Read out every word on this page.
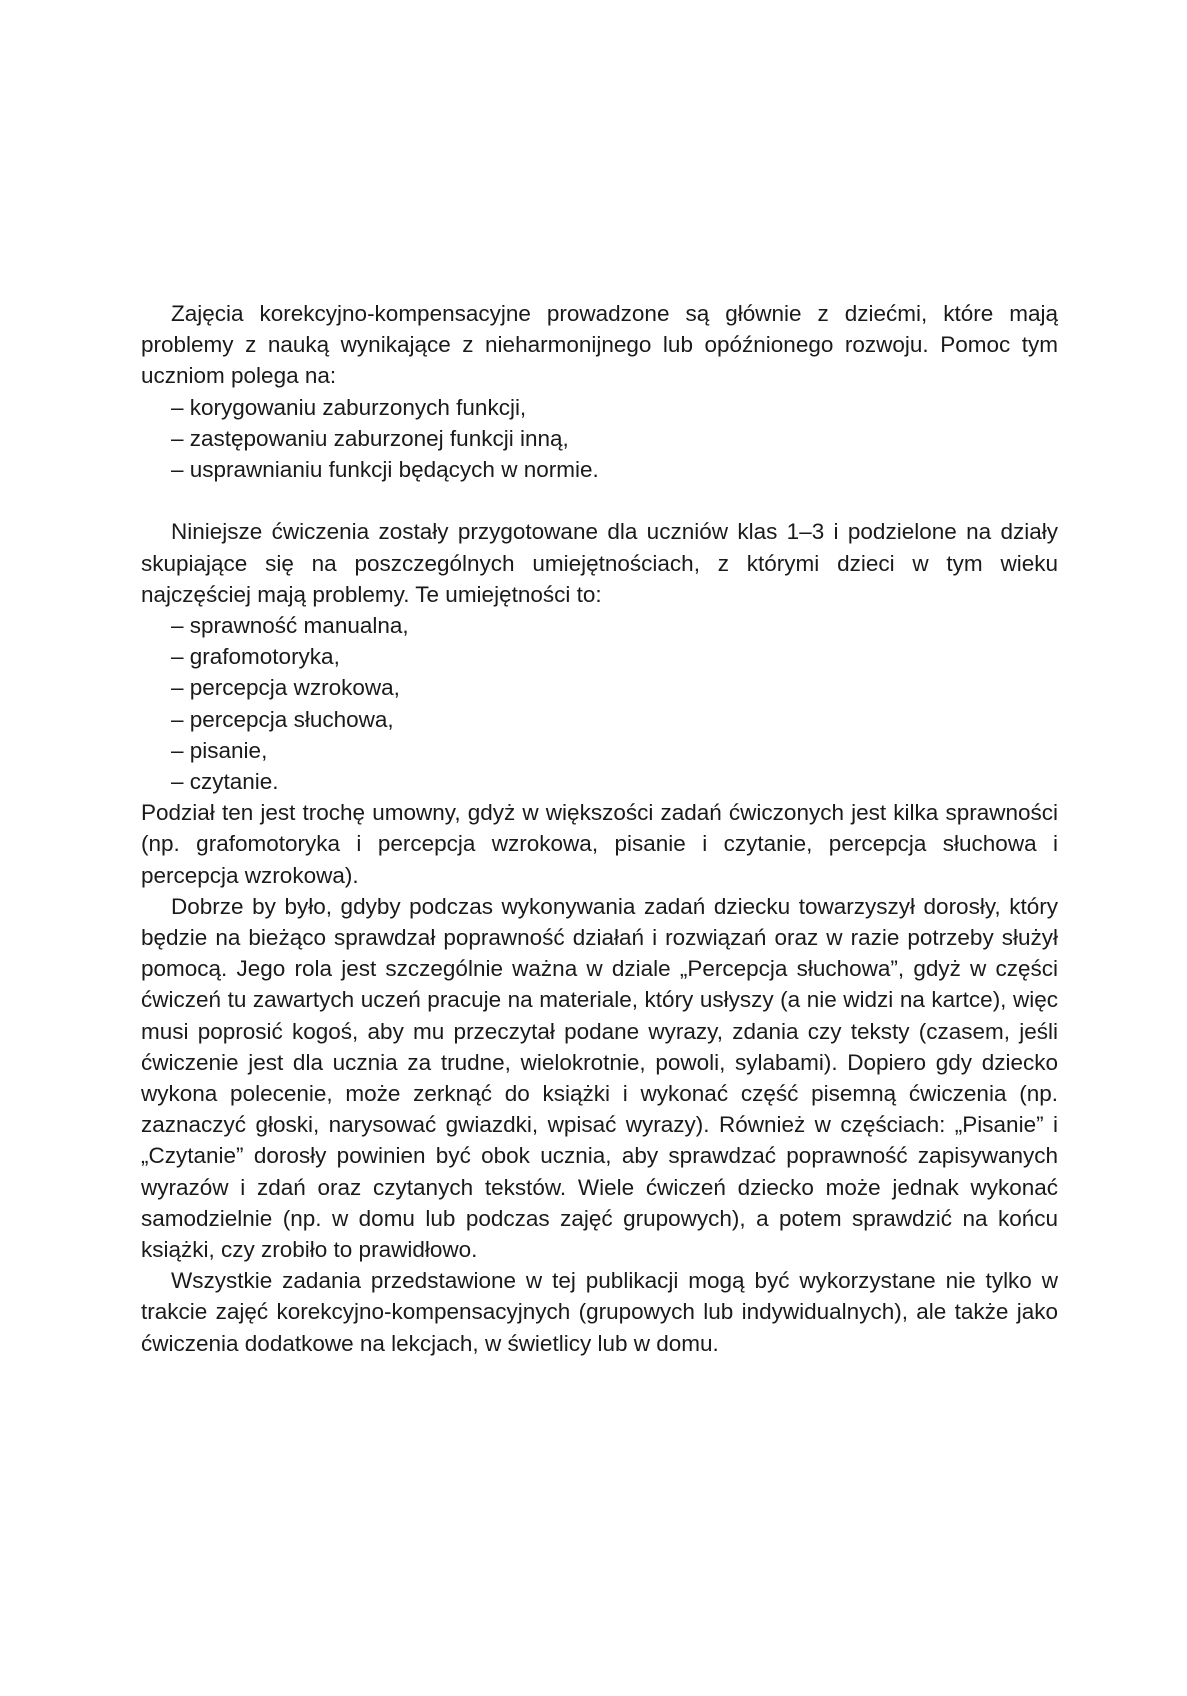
Zajęcia korekcyjno-kompensacyjne prowadzone są głównie z dziećmi, które mają problemy z nauką wynikające z nieharmonijnego lub opóźnionego rozwoju. Pomoc tym uczniom polega na:

– korygowaniu zaburzonych funkcji,
– zastępowaniu zaburzonej funkcji inną,
– usprawnianiu funkcji będących w normie.

Niniejsze ćwiczenia zostały przygotowane dla uczniów klas 1–3 i podzielone na działy skupiające się na poszczególnych umiejętnościach, z którymi dzieci w tym wieku najczęściej mają problemy. Te umiejętności to:

– sprawność manualna,
– grafomotoryka,
– percepcja wzrokowa,
– percepcja słuchowa,
– pisanie,
– czytanie.

Podział ten jest trochę umowny, gdyż w większości zadań ćwiczonych jest kilka sprawności (np. grafomotoryka i percepcja wzrokowa, pisanie i czytanie, percepcja słuchowa i percepcja wzrokowa).

Dobrze by było, gdyby podczas wykonywania zadań dziecku towarzyszył dorosły, który będzie na bieżąco sprawdzał poprawność działań i rozwiązań oraz w razie potrzeby służył pomocą. Jego rola jest szczególnie ważna w dziale „Percepcja słuchowa”, gdyż w części ćwiczeń tu zawartych uczeń pracuje na materiale, który usłyszy (a nie widzi na kartce), więc musi poprosić kogoś, aby mu przeczytał podane wyrazy, zdania czy teksty (czasem, jeśli ćwiczenie jest dla ucznia za trudne, wielokrotnie, powoli, sylabami). Dopiero gdy dziecko wykona polecenie, może zerknąć do książki i wykonać część pisemną ćwiczenia (np. zaznaczyć głoski, narysować gwiazdki, wpisać wyrazy). Również w częściach: „Pisanie” i „Czytanie” dorosły powinien być obok ucznia, aby sprawdzać poprawność zapisywanych wyrazów i zdań oraz czytanych tekstów. Wiele ćwiczeń dziecko może jednak wykonać samodzielnie (np. w domu lub podczas zajęć grupowych), a potem sprawdzić na końcu książki, czy zrobiło to prawidłowo.

Wszystkie zadania przedstawione w tej publikacji mogą być wykorzystane nie tylko w trakcie zajęć korekcyjno-kompensacyjnych (grupowych lub indywidualnych), ale także jako ćwiczenia dodatkowe na lekcjach, w świetlicy lub w domu.
